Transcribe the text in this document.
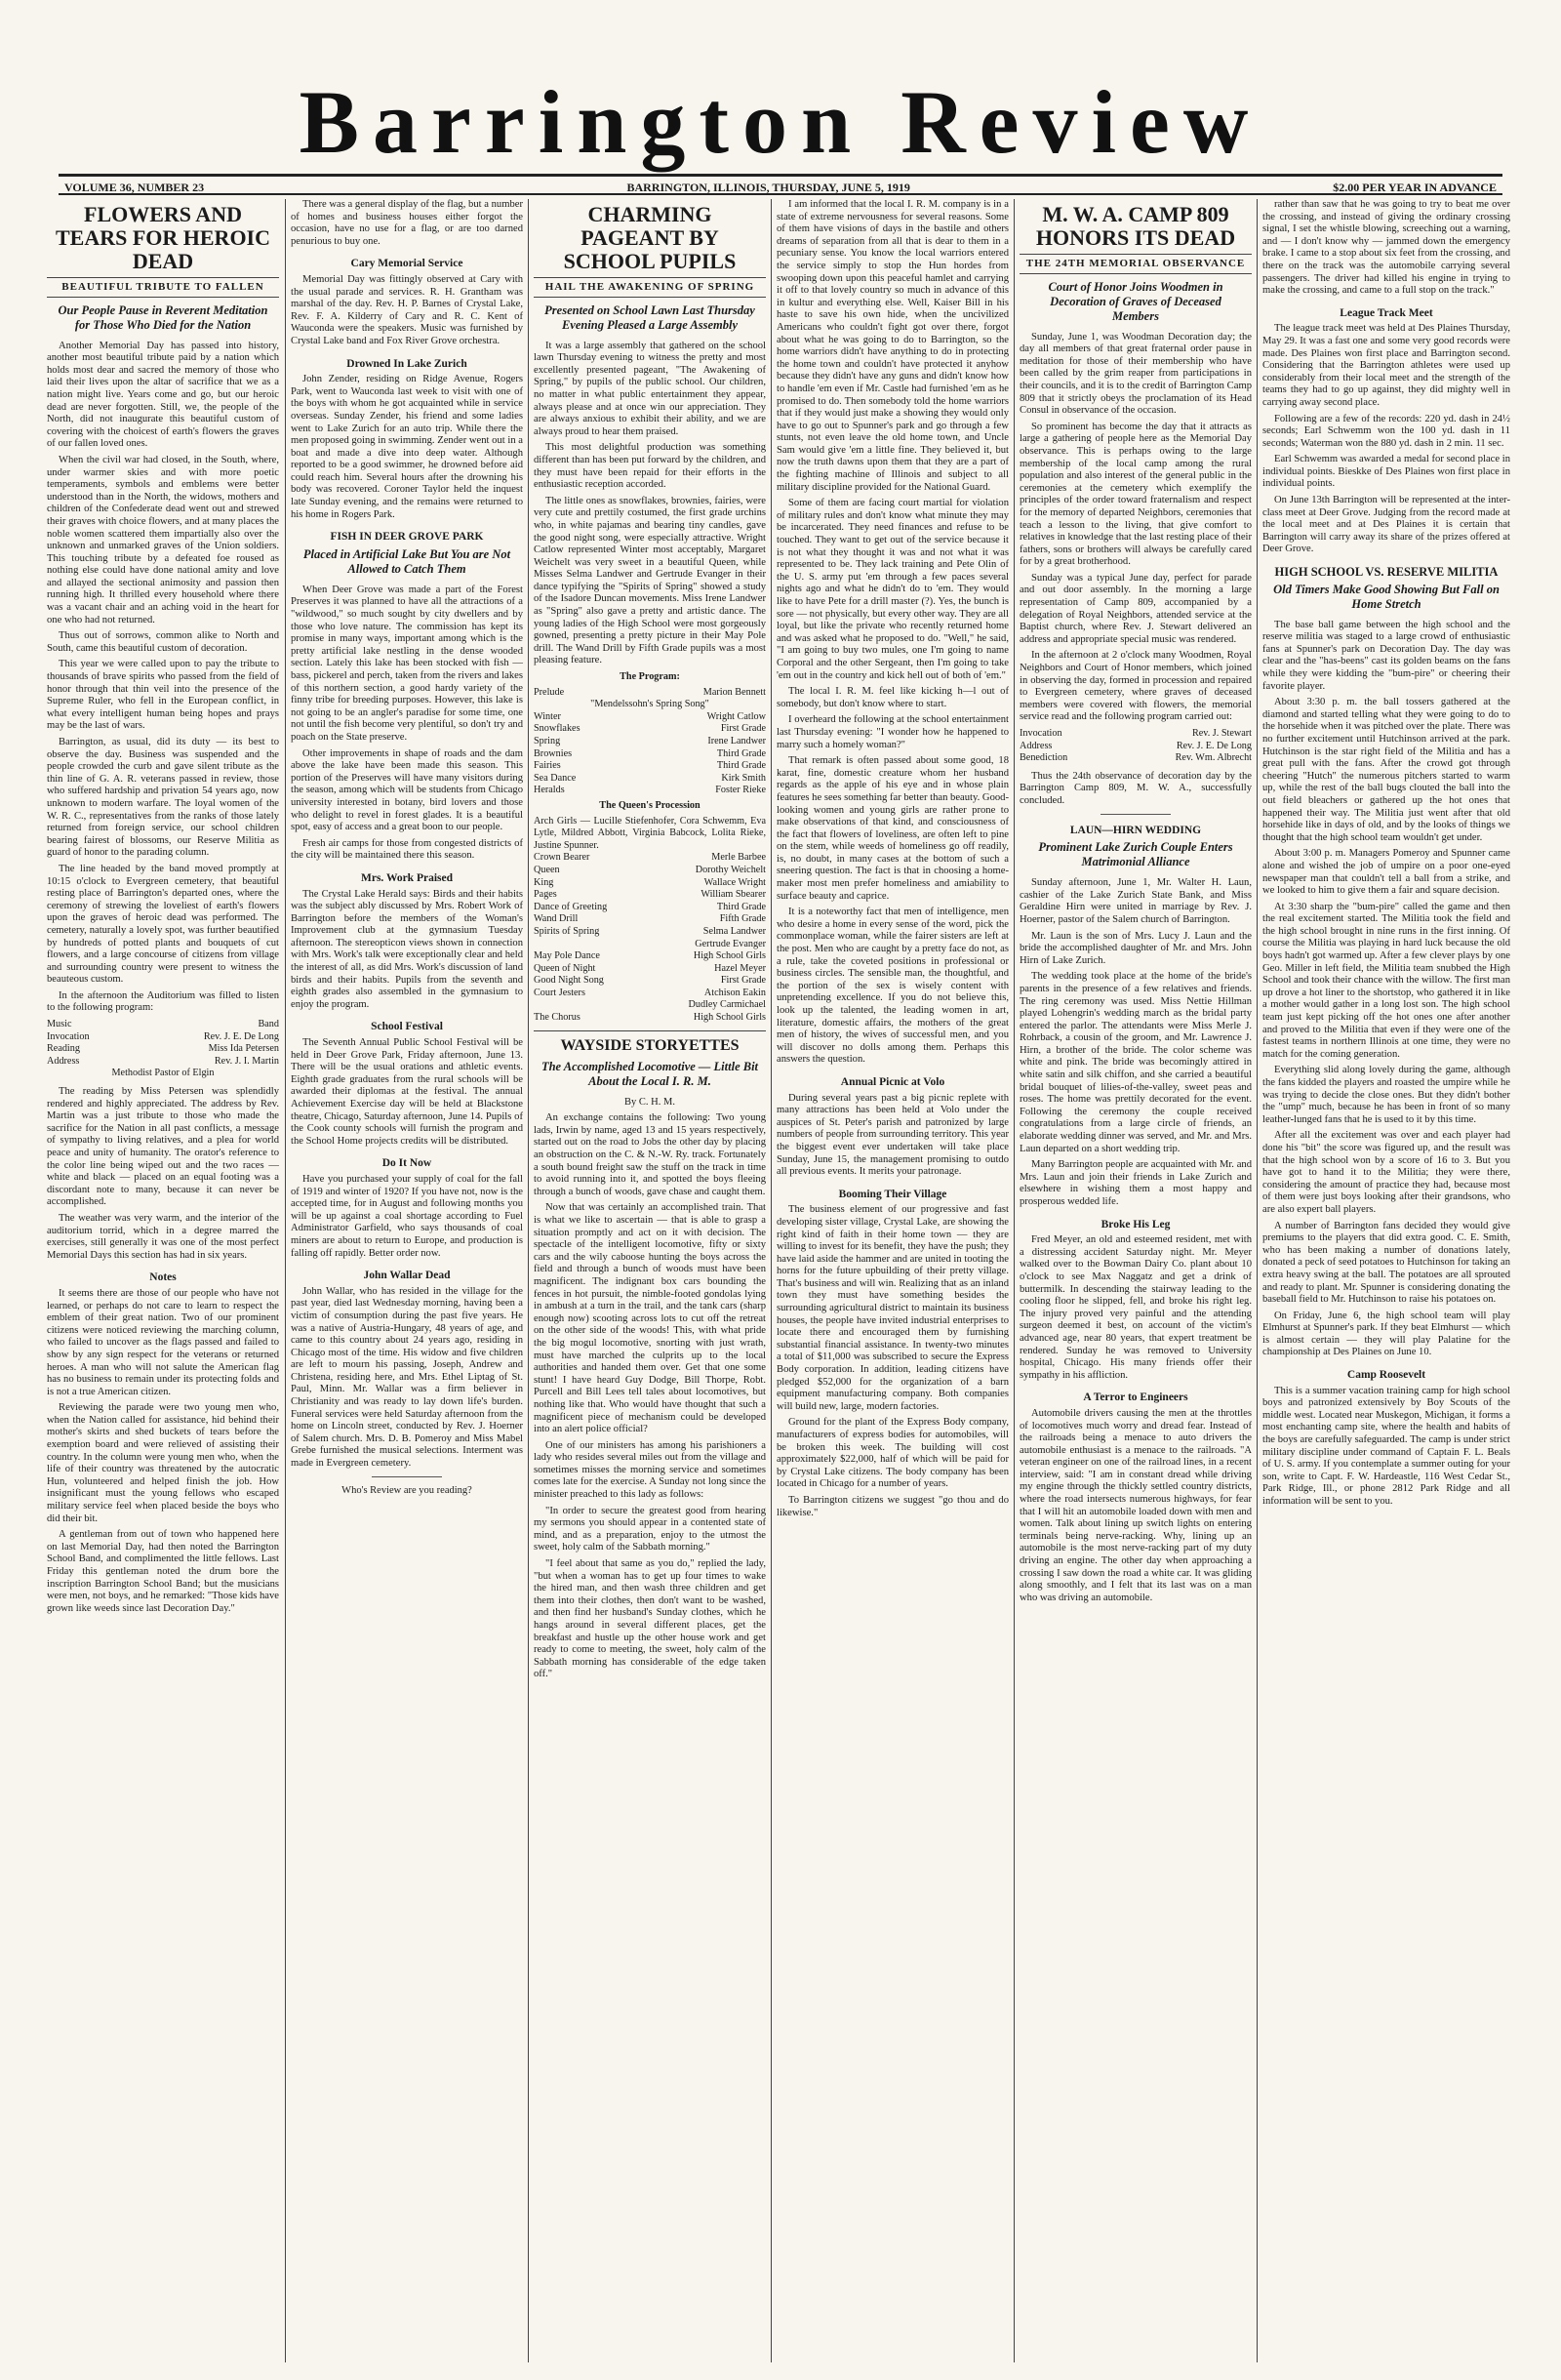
Barrington Review
VOLUME 36, NUMBER 23	BARRINGTON, ILLINOIS, THURSDAY, JUNE 5, 1919	$2.00 PER YEAR IN ADVANCE
FLOWERS AND TEARS FOR HEROIC DEAD
BEAUTIFUL TRIBUTE TO FALLEN
Our People Pause in Reverent Meditation for Those Who Died for the Nation

Another Memorial Day has passed into history, another most beautiful tribute paid by a nation which holds most dear and sacred the memory of those who laid their lives upon the altar of sacrifice that we as a nation might live. Years come and go, but our heroic dead are never forgotten. Still, we, the people of the North, did not inaugurate this beautiful custom of covering with the choicest of earth's flowers the graves of our fallen loved ones.

When the civil war had closed, in the South, where, under warmer skies and with more poetic temperaments, symbols and emblems were better understood than in the North, the widows, mothers and children of the Confederate dead went out and strewed their graves with choice flowers, and at many places the noble women scattered them impartially also over the unknown and unmarked graves of the Union soldiers. This touching tribute by a defeated foe roused as nothing else could have done national amity and love and allayed the sectional animosity and passion then running high. It thrilled every household where there was a vacant chair and an aching void in the heart for one who had not returned.

Thus out of sorrows, common alike to North and South, came this beautiful custom of decoration.

This year we were called upon to pay the tribute to thousands of brave spirits who passed from the field of honor through that thin veil into the presence of the Supreme Ruler, who fell in the European conflict, in what every intelligent human being hopes and prays may be the last of wars.

Barrington, as usual, did its duty — its best to observe the day. Business was suspended and the people crowded the curb and gave silent tribute as the thin line of G. A. R. veterans passed in review, those who suffered hardship and privation 54 years ago, now unknown to modern warfare. The loyal women of the W. R. C., representatives from the ranks of those lately returned from foreign service, our school children bearing fairest of blossoms, our Reserve Militia as guard of honor to the parading column.

The line headed by the band moved promptly at 10:15 o'clock to Evergreen cemetery, that beautiful resting place of Barrington's departed ones, where the ceremony of strewing the loveliest of earth's flowers upon the graves of heroic dead was performed. The cemetery, naturally a lovely spot, was further beautified by hundreds of potted plants and bouquets of cut flowers, and a large concourse of citizens from village and surrounding country were present to witness the beauteous custom.

In the afternoon the Auditorium was filled to listen to the following program:

Music	Band
Invocation	Rev. J. E. De Long
Reading	Miss Ida Petersen
Address	Rev. J. I. Martin
Methodist Pastor of Elgin

The reading by Miss Petersen was splendidly rendered and highly appreciated. The address by Rev. Martin was a just tribute to those who made the sacrifice for the Nation in all past conflicts, a message of sympathy to living relatives, and a plea for world peace and unity of humanity. The orator's reference to the color line being wiped out and the two races — white and black — placed on an equal footing was a discordant note to many, because it can never be accomplished.

The weather was very warm, and the interior of the auditorium torrid, which in a degree marred the exercises, still generally it was one of the most perfect Memorial Days this section has had in six years.

Notes

It seems there are those of our people who have not learned, or perhaps do not care to learn to respect the emblem of their great nation. Two of our prominent citizens were noticed reviewing the marching column, who failed to uncover as the flags passed and failed to show by any sign respect for the veterans or returned heroes. A man who will not salute the American flag has no business to remain under its protecting folds and is not a true American citizen.

Reviewing the parade were two young men who, when the Nation called for assistance, hid behind their mother's skirts and shed buckets of tears before the exemption board and were relieved of assisting their country. In the column were young men who, when the life of their country was threatened by the autocratic Hun, volunteered and helped finish the job. How insignificant must the young fellows who escaped military service feel when placed beside the boys who did their bit.

A gentleman from out of town who happened here on last Memorial Day, had then noted the Barrington School Band, and complimented the little fellows. Last Friday this gentleman noted the drum bore the inscription Barrington School Band; but the musicians were men, not boys, and he remarked: "Those kids have grown like weeds since last Decoration Day."

There was a general display of the flag, but a number of homes and business houses either forgot the occasion, have no use for a flag, or are too darned penurious to buy one.

Cary Memorial Service

Memorial Day was fittingly observed at Cary with the usual parade and services. R. H. Grantham was marshal of the day. Rev. H. P. Barnes of Crystal Lake, Rev. F. A. Kilderry of Cary and R. C. Kent of Wauconda were the speakers. Music was furnished by Crystal Lake band and Fox River Grove orchestra.

Drowned In Lake Zurich

John Zender, residing on Ridge Avenue, Rogers Park, went to Wauconda last week to visit with one of the boys with whom he got acquainted while in service overseas. Sunday Zender, his friend and some ladies went to Lake Zurich for an auto trip. While there the men proposed going in swimming. Zender went out in a boat and made a dive into deep water. Although reported to be a good swimmer, he drowned before aid could reach him. Several hours after the drowning his body was recovered. Coroner Taylor held the inquest late Sunday evening, and the remains were returned to his home in Rogers Park.

FISH IN DEER GROVE PARK
Placed in Artificial Lake But You are Not Allowed to Catch Them

When Deer Grove was made a part of the Forest Preserves it was planned to have all the attractions of a "wildwood," so much sought by city dwellers and by those who love nature. The commission has kept its promise in many ways, important among which is the pretty artificial lake nestling in the dense wooded section. Lately this lake has been stocked with fish — bass, pickerel and perch, taken from the rivers and lakes of this northern section, a good hardy variety of the finny tribe for breeding purposes. However, this lake is not going to be an angler's paradise for some time, one not until the fish become very plentiful, so don't try and poach on the State preserve.

Other improvements in shape of roads and the dam above the lake have been made this season. This portion of the Preserves will have many visitors during the season, among which will be students from Chicago university interested in botany, bird lovers and those who delight to revel in forest glades. It is a beautiful spot, easy of access and a great boon to our people.

Fresh air camps for those from congested districts of the city will be maintained there this season.

Mrs. Work Praised

The Crystal Lake Herald says: Birds and their habits was the subject ably discussed by Mrs. Robert Work of Barrington before the members of the Woman's Improvement club at the gymnasium Tuesday afternoon. The stereopticon views shown in connection with Mrs. Work's talk were exceptionally clear and held the interest of all, as did Mrs. Work's discussion of land birds and their habits. Pupils from the seventh and eighth grades also assembled in the gymnasium to enjoy the program.

School Festival

The Seventh Annual Public School Festival will be held in Deer Grove Park, Friday afternoon, June 13. There will be the usual orations and athletic events. Eighth grade graduates from the rural schools will be awarded their diplomas at the festival. The annual Achievement Exercise day will be held at Blackstone theatre, Chicago, Saturday afternoon, June 14. Pupils of the Cook county schools will furnish the program and the School Home projects credits will be distributed.

Do It Now

Have you purchased your supply of coal for the fall of 1919 and winter of 1920? If you have not, now is the accepted time, for in August and following months you will be up against a coal shortage according to Fuel Administrator Garfield, who says thousands of coal miners are about to return to Europe, and production is falling off rapidly. Better order now.

John Wallar Dead

John Wallar, who has resided in the village for the past year, died last Wednesday morning, having been a victim of consumption during the past five years. He was a native of Austria-Hungary, 48 years of age, and came to this country about 24 years ago, residing in Chicago most of the time. His widow and five children are left to mourn his passing, Joseph, Andrew and Christena, residing here, and Mrs. Ethel Liptag of St. Paul, Minn. Mr. Wallar was a firm believer in Christianity and was ready to lay down life's burden. Funeral services were held Saturday afternoon from the home on Lincoln street, conducted by Rev. J. Hoerner of Salem church. Mrs. D. B. Pomeroy and Miss Mabel Grebe furnished the musical selections. Interment was made in Evergreen cemetery.

Who's Review are you reading?
CHARMING PAGEANT BY SCHOOL PUPILS
HAIL THE AWAKENING OF SPRING
Presented on School Lawn Last Thursday Evening Pleased a Large Assembly

It was a large assembly that gathered on the school lawn Thursday evening to witness the pretty and most excellently presented pageant, "The Awakening of Spring," by pupils of the public school. Our children, no matter in what public entertainment they appear, always please and at once win our appreciation. They are always anxious to exhibit their ability, and we are always proud to hear them praised.

This most delightful production was something different than has been put forward by the children, and they must have been repaid for their efforts in the enthusiastic reception accorded.

The little ones as snowflakes, brownies, fairies, were very cute and prettily costumed, the first grade urchins who, in white pajamas and bearing tiny candles, gave the good night song, were especially attractive. Wright Catlow represented Winter most acceptably, Margaret Weichelt was very sweet in a beautiful Queen, while Misses Selma Landwer and Gertrude Evanger in their dance typifying the "Spirits of Spring" showed a study of the Isadore Duncan movements. Miss Irene Landwer as "Spring" also gave a pretty and artistic dance. The young ladies of the High School were most gorgeously gowned, presenting a pretty picture in their May Pole drill. The Wand Drill by Fifth Grade pupils was a most pleasing feature.

The Program:
Prelude	Marion Bennett
"Mendelssohn's Spring Song"
Winter	Wright Catlow
Snowflakes	First Grade
Spring	Irene Landwer
Brownies	Third Grade
Fairies	Third Grade
Sea Dance	Kirk Smith
Heralds	Foster Rieke
The Queen's Procession
Arch Girls — Lucille Stiefenhofer, Cora Schwemm, Eva Lytle, Mildred Abbott, Virginia Babcock, Lolita Rieke, Justine Spunner.
Crown Bearer	Merle Barbee
Queen	Dorothy Weichelt
King	Wallace Wright
Pages	William Sbearer
Dance of Greeting	Third Grade
Wand Drill	Fifth Grade
Spirits of Spring	Selma Landwer
Gertrude Evanger
May Pole Dance	High School Girls
Queen of Night	Hazel Meyer
Good Night Song	First Grade
Court Jesters	Atchison Eakin
Dudley Carmichael
The Chorus	High School Girls
WAYSIDE STORYETTES
The Accomplished Locomotive — Little Bit About the Local I. R. M.
By C. H. M.

An exchange contains the following: Two young lads, Irwin by name, aged 13 and 15 years respectively, started out on the road to Jobs the other day by placing an obstruction on the C. & N.-W. Ry. track. Fortunately a south bound freight saw the stuff on the track in time to avoid running into it, and spotted the boys fleeing through a bunch of woods, gave chase and caught them.

Now that was certainly an accomplished train. That is what we like to ascertain — that is able to grasp a situation promptly and act on it with decision. The spectacle of the intelligent locomotive, fifty or sixty cars and the wily caboose hunting the boys across the field and through a bunch of woods must have been magnificent. The indignant box cars bounding the fences in hot pursuit, the nimble-footed gondolas lying in ambush at a turn in the trail, and the tank cars (sharp enough now) scooting across lots to cut off the retreat on the other side of the woods! This, with what pride the big mogul locomotive, snorting with just wrath, must have marched the culprits up to the local authorities and handed them over. Get that one some stunt! I have heard Guy Dodge, Bill Thorpe, Robt. Purcell and Bill Lees tell tales about locomotives, but nothing like that. Who would have thought that such a magnificent piece of mechanism could be developed into an alert police official?

One of our ministers has among his parishioners a lady who resides several miles out from the village and sometimes misses the morning service and sometimes comes late for the exercise. A Sunday not long since the minister preached to this lady as follows:

"In order to secure the greatest good from hearing my sermons you should appear in a contented state of mind, and as a preparation, enjoy to the utmost the sweet, holy calm of the Sabbath morning."

"I feel about that same as you do," replied the lady, "but when a woman has to get up four times to wake the hired man, and then wash three children and get them into their clothes, then don't want to be washed, and then find her husband's Sunday clothes, which he hangs around in several different places, get the breakfast and hustle up the other house work and get ready to come to meeting, the sweet, holy calm of the Sabbath morning has considerable of the edge taken off."

I am informed that the local I. R. M. company is in a state of extreme nervousness for several reasons. Some of them have visions of days in the bastile and others dreams of separation from all that is dear to them in a pecuniary sense. You know the local warriors entered the service simply to stop the Hun hordes from swooping down upon this peaceful hamlet and carrying it off to that lovely country so much in advance of this in kultur and everything else. Well, Kaiser Bill in his haste to save his own hide, when the uncivilized Americans who couldn't fight got over there, forgot about what he was going to do to Barrington, so the home warriors didn't have anything to do in protecting the home town and couldn't have protected it anyhow because they didn't have any guns and didn't know how to handle 'em even if Mr. Castle had furnished 'em as he promised to do. Then somebody told the home warriors that if they would just make a showing they would only have to go out to Spunner's park and go through a few stunts, not even leave the old home town, and Uncle Sam would give 'em a little fine. They believed it, but now the truth dawns upon them that they are a part of the fighting machine of Illinois and subject to all military discipline provided for the National Guard.

Some of them are facing court martial for violation of military rules and don't know what minute they may be incarcerated. They need finances and refuse to be touched. They want to get out of the service because it is not what they thought it was and not what it was represented to be. They lack training and Pete Olin of the U. S. army put 'em through a few paces several nights ago and what he didn't do to 'em. They would like to have Pete for a drill master (?). Yes, the bunch is sore — not physically, but every other way. They are all loyal, but like the private who recently returned home and was asked what he proposed to do. "Well," he said, "I am going to buy two mules, one I'm going to name Corporal and the other Sergeant, then I'm going to take 'em out in the country and kick hell out of both of 'em."

The local I. R. M. feel like kicking h—l out of somebody, but don't know where to start.

I overheard the following at the school entertainment last Thursday evening: "I wonder how he happened to marry such a homely woman?"

That remark is often passed about some good, 18 karat, fine, domestic creature whom her husband regards as the apple of his eye and in whose plain features he sees something far better than beauty. Good-looking women and young girls are rather prone to make observations of that kind, and consciousness of the fact that flowers of loveliness, are often left to pine on the stem, while weeds of homeliness go off readily, is, no doubt, in many cases at the bottom of such a sneering question. The fact is that in choosing a home-maker most men prefer homeliness and amiability to surface beauty and caprice.

It is a noteworthy fact that men of intelligence, men who desire a home in every sense of the word, pick the commonplace woman, while the fairer sisters are left at the post. Men who are caught by a pretty face do not, as a rule, take the coveted positions in professional or business circles. The sensible man, the thoughtful, and the portion of the sex is wisely content with unpretending excellence. If you do not believe this, look up the talented, the leading women in art, literature, domestic affairs, the mothers of the great men of history, the wives of successful men, and you will discover no dolls among them. Perhaps this answers the question.

Annual Picnic at Volo

During several years past a big picnic replete with many attractions has been held at Volo under the auspices of St. Peter's parish and patronized by large numbers of people from surrounding territory. This year the biggest event ever undertaken will take place Sunday, June 15, the management promising to outdo all previous events. It merits your patronage.

Booming Their Village

The business element of our progressive and fast developing sister village, Crystal Lake, are showing the right kind of faith in their home town — they are willing to invest for its benefit, they have the push; they have laid aside the hammer and are united in tooting the horns for the future upbuilding of their pretty village. That's business and will win. Realizing that as an inland town they must have something besides the surrounding agricultural district to maintain its business houses, the people have invited industrial enterprises to locate there and encouraged them by furnishing substantial financial assistance. In twenty-two minutes a total of $11,000 was subscribed to secure the Express Body corporation. In addition, leading citizens have pledged $52,000 for the organization of a barn equipment manufacturing company. Both companies will build new, large, modern factories.

Ground for the plant of the Express Body company, manufacturers of express bodies for automobiles, will be broken this week. The building will cost approximately $22,000, half of which will be paid for by Crystal Lake citizens. The body company has been located in Chicago for a number of years.

To Barrington citizens we suggest "go thou and do likewise."

M. W. A. CAMP 809 HONORS ITS DEAD
THE 24TH MEMORIAL OBSERVANCE
Court of Honor Joins Woodmen in Decoration of Graves of Deceased Members

Sunday, June 1, was Woodman Decoration day; the day all members of that great fraternal order pause in meditation for those of their membership who have been called by the grim reaper from participations in their councils, and it is to the credit of Barrington Camp 809 that it strictly obeys the proclamation of its Head Consul in observance of the occasion.

So prominent has become the day that it attracts as large a gathering of people here as the Memorial Day observance. This is perhaps owing to the large membership of the local camp among the rural population and also interest of the general public in the ceremonies at the cemetery which exemplify the principles of the order toward fraternalism and respect for the memory of departed Neighbors, ceremonies that teach a lesson to the living, that give comfort to relatives in knowledge that the last resting place of their fathers, sons or brothers will always be carefully cared for by a great brotherhood.

Sunday was a typical June day, perfect for parade and out door assembly. In the morning a large representation of Camp 809, accompanied by a delegation of Royal Neighbors, attended service at the Baptist church, where Rev. J. Stewart delivered an address and appropriate special music was rendered.

In the afternoon at 2 o'clock many Woodmen, Royal Neighbors and Court of Honor members, which joined in observing the day, formed in procession and repaired to Evergreen cemetery, where graves of deceased members were covered with flowers, the memorial service read and the following program carried out:

Invocation	Rev. J. Stewart
Address	Rev. J. E. De Long
Benediction	Rev. Wm. Albrecht

Thus the 24th observance of decoration day by the Barrington Camp 809, M. W. A., successfully concluded.

LAUN—HIRN WEDDING
Prominent Lake Zurich Couple Enters Matrimonial Alliance

Sunday afternoon, June 1, Mr. Walter H. Laun, cashier of the Lake Zurich State Bank, and Miss Geraldine Hirn were united in marriage by Rev. J. Hoerner, pastor of the Salem church of Barrington.

Mr. Laun is the son of Mrs. Lucy J. Laun and the bride the accomplished daughter of Mr. and Mrs. John Hirn of Lake Zurich.

The wedding took place at the home of the bride's parents in the presence of a few relatives and friends. The ring ceremony was used. Miss Nettie Hillman played Lohengrin's wedding march as the bridal party entered the parlor. The attendants were Miss Merle J. Rohrback, a cousin of the groom, and Mr. Lawrence J. Hirn, a brother of the bride. The color scheme was white and pink. The bride was becomingly attired in white satin and silk chiffon, and she carried a beautiful bridal bouquet of lilies-of-the-valley, sweet peas and roses. The home was prettily decorated for the event. Following the ceremony the couple received congratulations from a large circle of friends, an elaborate wedding dinner was served, and Mr. and Mrs. Laun departed on a short wedding trip.

Many Barrington people are acquainted with Mr. and Mrs. Laun and join their friends in Lake Zurich and elsewhere in wishing them a most happy and prosperous wedded life.

Broke His Leg

Fred Meyer, an old and esteemed resident, met with a distressing accident Saturday night. Mr. Meyer walked over to the Bowman Dairy Co. plant about 10 o'clock to see Max Naggatz and get a drink of buttermilk. In descending the stairway leading to the cooling floor he slipped, fell, and broke his right leg. The injury proved very painful and the attending surgeon deemed it best, on account of the victim's advanced age, near 80 years, that expert treatment be rendered. Sunday he was removed to University hospital, Chicago. His many friends offer their sympathy in his affliction.

A Terror to Engineers

Automobile drivers causing the men at the throttles of locomotives much worry and dread fear. Instead of the railroads being a menace to auto drivers the automobile enthusiast is a menace to the railroads. "A veteran engineer on one of the railroad lines, in a recent interview, said: "I am in constant dread while driving my engine through the thickly settled country districts, where the road intersects numerous highways, for fear that I will hit an automobile loaded down with men and women. Talk about lining up switch lights on entering terminals being nerve-racking. Why, lining up an automobile is the most nerve-racking part of my duty driving an engine. The other day when approaching a crossing I saw down the road a white car. It was gliding along smoothly, and I felt that its last was on a man who was driving an automobile.

rather than saw that he was going to try to beat me over the crossing, and instead of giving the ordinary crossing signal, I set the whistle blowing, screeching out a warning, and — I don't know why — jammed down the emergency brake. I came to a stop about six feet from the crossing, and there on the track was the automobile carrying several passengers. The driver had killed his engine in trying to make the crossing, and came to a full stop on the track."

League Track Meet

The league track meet was held at Des Plaines Thursday, May 29. It was a fast one and some very good records were made. Des Plaines won first place and Barrington second. Considering that the Barrington athletes were used up considerably from their local meet and the strength of the teams they had to go up against, they did mighty well in carrying away second place.

Following are a few of the records: 220 yd. dash in 24½ seconds; Earl Schwemm won the 100 yd. dash in 11 seconds; Waterman won the 880 yd. dash in 2 min. 11 sec.

Earl Schwemm was awarded a medal for second place in individual points. Bieskke of Des Plaines won first place in individual points.

On June 13th Barrington will be represented at the inter-class meet at Deer Grove. Judging from the record made at the local meet and at Des Plaines it is certain that Barrington will carry away its share of the prizes offered at Deer Grove.

HIGH SCHOOL VS. RESERVE MILITIA
Old Timers Make Good Showing But Fall on Home Stretch

The base ball game between the high school and the reserve militia was staged to a large crowd of enthusiastic fans at Spunner's park on Decoration Day. The day was clear and the "has-beens" cast its golden beams on the fans while they were kidding the "bum-pire" or cheering their favorite player.

About 3:30 p. m. the ball tossers gathered at the diamond and started telling what they were going to do to the horsehide when it was pitched over the plate. There was no further excitement until Hutchinson arrived at the park. Hutchinson is the star right field of the Militia and has a great pull with the fans. After the crowd got through cheering "Hutch" the numerous pitchers started to warm up, while the rest of the ball bugs clouted the ball into the out field bleachers or gathered up the hot ones that happened their way. The Militia just went after that old horsehide like in days of old, and by the looks of things we thought that the high school team wouldn't get under.

About 3:00 p. m. Managers Pomeroy and Spunner came alone and wished the job of umpire on a poor one-eyed newspaper man that couldn't tell a ball from a strike, and we looked to him to give them a fair and square decision.

At 3:30 sharp the "bum-pire" called the game and then the real excitement started. The Militia took the field and the high school brought in nine runs in the first inning. Of course the Militia was playing in hard luck because the old boys hadn't got warmed up. After a few clever plays by one Geo. Miller in left field, the Militia team snubbed the High School and took their chance with the willow. The first man up drove a hot liner to the shortstop, who gathered it in like a mother would gather in a long lost son. The high school team just kept picking off the hot ones one after another and proved to the Militia that even if they were one of the fastest teams in northern Illinois at one time, they were no match for the coming generation.

Everything slid along lovely during the game, although the fans kidded the players and roasted the umpire while he was trying to decide the close ones. But they didn't bother the "ump" much, because he has been in front of so many leather-lunged fans that he is used to it by this time.

After all the excitement was over and each player had done his "bit" the score was figured up, and the result was that the high school won by a score of 16 to 3. But you have got to hand it to the Militia; they were there, considering the amount of practice they had, because most of them were just boys looking after their grandsons, who are also expert ball players.

A number of Barrington fans decided they would give premiums to the players that did extra good. C. E. Smith, who has been making a number of donations lately, donated a peck of seed potatoes to Hutchinson for taking an extra heavy swing at the ball. The potatoes are all sprouted and ready to plant. Mr. Spunner is considering donating the baseball field to Mr. Hutchinson to raise his potatoes on.

On Friday, June 6, the high school team will play Elmhurst at Spunner's park. If they beat Elmhurst — which is almost certain — they will play Palatine for the championship at Des Plaines on June 10.

Camp Roosevelt

This is a summer vacation training camp for high school boys and patronized extensively by Boy Scouts of the middle west. Located near Muskegon, Michigan, it forms a most enchanting camp site, where the health and habits of the boys are carefully safeguarded. The camp is under strict military discipline under command of Captain F. L. Beals of U. S. army. If you contemplate a summer outing for your son, write to Capt. F. W. Hardeastle, 116 West Cedar St., Park Ridge, Ill., or phone 2812 Park Ridge and all information will be sent to you.
